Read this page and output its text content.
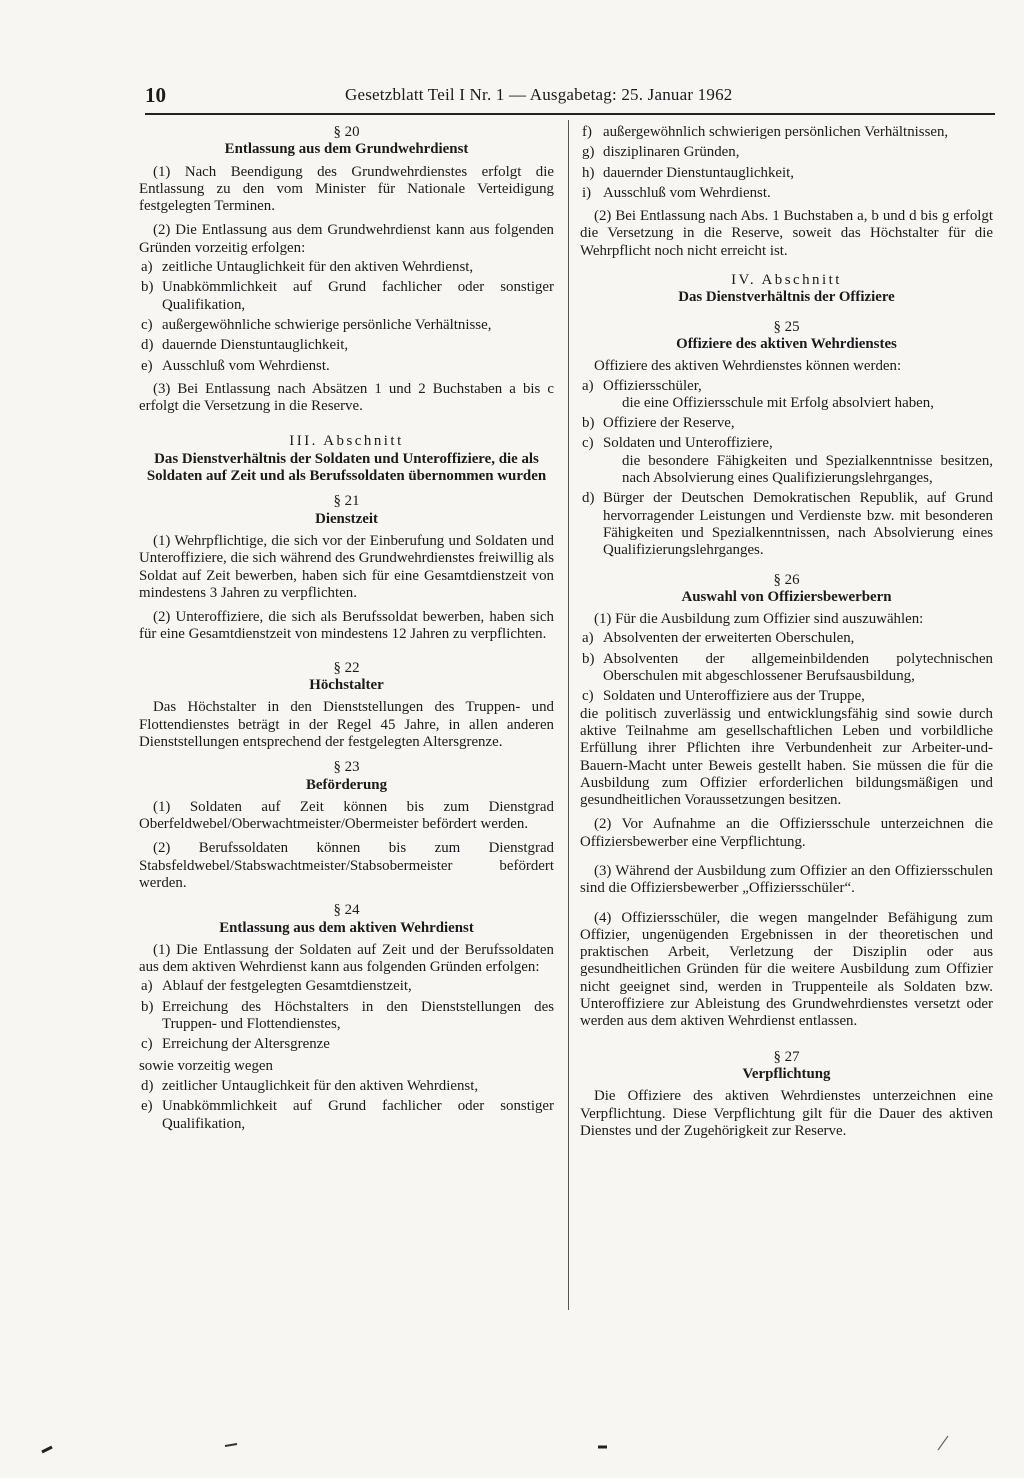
10	Gesetzblatt Teil I Nr. 1 — Ausgabetag: 25. Januar 1962
§ 20
Entlassung aus dem Grundwehrdienst

(1) Nach Beendigung des Grundwehrdienstes erfolgt die Entlassung zu den vom Minister für Nationale Verteidigung festgelegten Terminen.

(2) Die Entlassung aus dem Grundwehrdienst kann aus folgenden Gründen vorzeitig erfolgen:

a) zeitliche Untauglichkeit für den aktiven Wehrdienst,
b) Unabkömmlichkeit auf Grund fachlicher oder sonstiger Qualifikation,
c) außergewöhnliche schwierige persönliche Verhältnisse,
d) dauernde Dienstuntauglichkeit,
e) Ausschluß vom Wehrdienst.

(3) Bei Entlassung nach Absätzen 1 und 2 Buchstaben a bis c erfolgt die Versetzung in die Reserve.

III. Abschnitt
Das Dienstverhältnis der Soldaten und Unteroffiziere, die als Soldaten auf Zeit und als Berufssoldaten übernommen wurden
§ 21
Dienstzeit

(1) Wehrpflichtige, die sich vor der Einberufung und Soldaten und Unteroffiziere, die sich während des Grundwehrdienstes freiwillig als Soldat auf Zeit bewerben, haben sich für eine Gesamtdienstzeit von mindestens 3 Jahren zu verpflichten.

(2) Unteroffiziere, die sich als Berufssoldat bewerben, haben sich für eine Gesamtdienstzeit von mindestens 12 Jahren zu verpflichten.

§ 22
Höchstalter

Das Höchstalter in den Dienststellungen des Truppen- und Flottendienstes beträgt in der Regel 45 Jahre, in allen anderen Dienststellungen entsprechend der festgelegten Altersgrenze.

§ 23
Beförderung

(1) Soldaten auf Zeit können bis zum Dienstgrad Oberfeldwebel/Oberwachtmeister/Obermeister befördert werden.

(2) Berufssoldaten können bis zum Dienstgrad Stabsfeldwebel/Stabswachtmeister/Stabsobermeister befördert werden.

§ 24
Entlassung aus dem aktiven Wehrdienst

(1) Die Entlassung der Soldaten auf Zeit und der Berufssoldaten aus dem aktiven Wehrdienst kann aus folgenden Gründen erfolgen:

a) Ablauf der festgelegten Gesamtdienstzeit,
b) Erreichung des Höchstalters in den Dienststellungen des Truppen- und Flottendienstes,
c) Erreichung der Altersgrenze

sowie vorzeitig wegen

d) zeitlicher Untauglichkeit für den aktiven Wehrdienst,
e) Unabkömmlichkeit auf Grund fachlicher oder sonstiger Qualifikation,
f) außergewöhnlich schwierigen persönlichen Verhältnissen,
g) disziplinaren Gründen,
h) dauernder Dienstuntauglichkeit,
i) Ausschluß vom Wehrdienst.

(2) Bei Entlassung nach Abs. 1 Buchstaben a, b und d bis g erfolgt die Versetzung in die Reserve, soweit das Höchstalter für die Wehrpflicht noch nicht erreicht ist.

IV. Abschnitt
Das Dienstverhältnis der Offiziere
§ 25
Offiziere des aktiven Wehrdienstes

Offiziere des aktiven Wehrdienstes können werden:

a) Offiziersschüler,
die eine Offiziersschule mit Erfolg absolviert haben,
b) Offiziere der Reserve,
c) Soldaten und Unteroffiziere,
die besondere Fähigkeiten und Spezialkenntnisse besitzen, nach Absolvierung eines Qualifizierungslehrganges,
d) Bürger der Deutschen Demokratischen Republik, auf Grund hervorragender Leistungen und Verdienste bzw. mit besonderen Fähigkeiten und Spezialkenntnissen, nach Absolvierung eines Qualifizierungslehrganges.
§ 26
Auswahl von Offiziersbewerbern

(1) Für die Ausbildung zum Offizier sind auszuwählen:

a) Absolventen der erweiterten Oberschulen,
b) Absolventen der allgemeinbildenden polytechnischen Oberschulen mit abgeschlossener Berufsausbildung,
c) Soldaten und Unteroffiziere aus der Truppe,

die politisch zuverlässig und entwicklungsfähig sind sowie durch aktive Teilnahme am gesellschaftlichen Leben und vorbildliche Erfüllung ihrer Pflichten ihre Verbundenheit zur Arbeiter-und-Bauern-Macht unter Beweis gestellt haben. Sie müssen die für die Ausbildung zum Offizier erforderlichen bildungsmäßigen und gesundheitlichen Voraussetzungen besitzen.

(2) Vor Aufnahme an die Offiziersschule unterzeichnen die Offiziersbewerber eine Verpflichtung.

(3) Während der Ausbildung zum Offizier an den Offiziersschulen sind die Offiziersbewerber „Offiziersschüler“.

(4) Offiziersschüler, die wegen mangelnder Befähigung zum Offizier, ungenügenden Ergebnissen in der theoretischen und praktischen Arbeit, Verletzung der Disziplin oder aus gesundheitlichen Gründen für die weitere Ausbildung zum Offizier nicht geeignet sind, werden in Truppenteile als Soldaten bzw. Unteroffiziere zur Ableistung des Grundwehrdienstes versetzt oder werden aus dem aktiven Wehrdienst entlassen.

§ 27
Verpflichtung

Die Offiziere des aktiven Wehrdienstes unterzeichnen eine Verpflichtung. Diese Verpflichtung gilt für die Dauer des aktiven Dienstes und der Zugehörigkeit zur Reserve.
